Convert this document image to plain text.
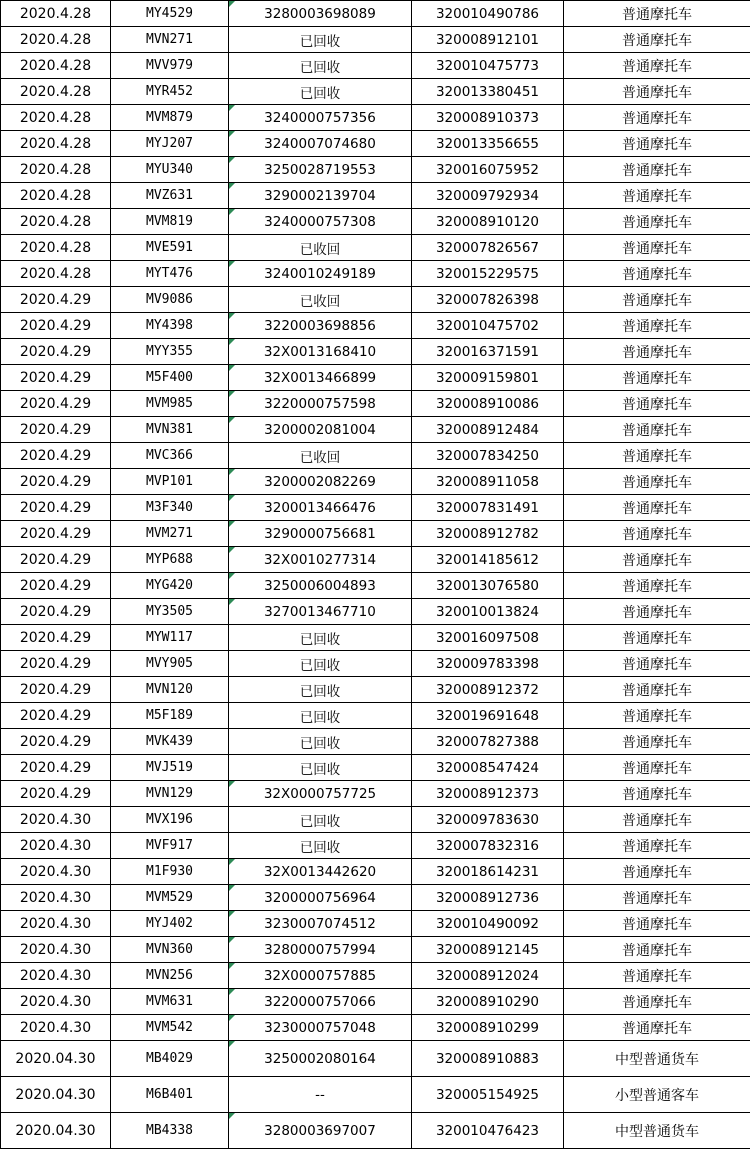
2020.4.28	MY4529	3280003698089	320010490786	普通摩托车
2020.4.28	MVN271	已回收	320008912101	普通摩托车
2020.4.28	MVV979	已回收	320010475773	普通摩托车
2020.4.28	MYR452	已回收	320013380451	普通摩托车
2020.4.28	MVM879	3240000757356	320008910373	普通摩托车
2020.4.28	MYJ207	3240007074680	320013356655	普通摩托车
2020.4.28	MYU340	3250028719553	320016075952	普通摩托车
2020.4.28	MVZ631	3290002139704	320009792934	普通摩托车
2020.4.28	MVM819	3240000757308	320008910120	普通摩托车
2020.4.28	MVE591	已收回	320007826567	普通摩托车
2020.4.28	MYT476	3240010249189	320015229575	普通摩托车
2020.4.29	MV9086	已收回	320007826398	普通摩托车
2020.4.29	MY4398	3220003698856	320010475702	普通摩托车
2020.4.29	MYY355	32X0013168410	320016371591	普通摩托车
2020.4.29	M5F400	32X0013466899	320009159801	普通摩托车
2020.4.29	MVM985	3220000757598	320008910086	普通摩托车
2020.4.29	MVN381	3200002081004	320008912484	普通摩托车
2020.4.29	MVC366	已收回	320007834250	普通摩托车
2020.4.29	MVP101	3200002082269	320008911058	普通摩托车
2020.4.29	M3F340	3200013466476	320007831491	普通摩托车
2020.4.29	MVM271	3290000756681	320008912782	普通摩托车
2020.4.29	MYP688	32X0010277314	320014185612	普通摩托车
2020.4.29	MYG420	3250006004893	320013076580	普通摩托车
2020.4.29	MY3505	3270013467710	320010013824	普通摩托车
2020.4.29	MYW117	已回收	320016097508	普通摩托车
2020.4.29	MVY905	已回收	320009783398	普通摩托车
2020.4.29	MVN120	已回收	320008912372	普通摩托车
2020.4.29	M5F189	已回收	320019691648	普通摩托车
2020.4.29	MVK439	已回收	320007827388	普通摩托车
2020.4.29	MVJ519	已回收	320008547424	普通摩托车
2020.4.29	MVN129	32X0000757725	320008912373	普通摩托车
2020.4.30	MVX196	已回收	320009783630	普通摩托车
2020.4.30	MVF917	已回收	320007832316	普通摩托车
2020.4.30	M1F930	32X0013442620	320018614231	普通摩托车
2020.4.30	MVM529	3200000756964	320008912736	普通摩托车
2020.4.30	MYJ402	3230007074512	320010490092	普通摩托车
2020.4.30	MVN360	3280000757994	320008912145	普通摩托车
2020.4.30	MVN256	32X0000757885	320008912024	普通摩托车
2020.4.30	MVM631	3220000757066	320008910290	普通摩托车
2020.4.30	MVM542	3230000757048	320008910299	普通摩托车
2020.04.30	MB4029	3250002080164	320008910883	中型普通货车
2020.04.30	M6B401	--	320005154925	小型普通客车
2020.04.30	MB4338	3280003697007	320010476423	中型普通货车
